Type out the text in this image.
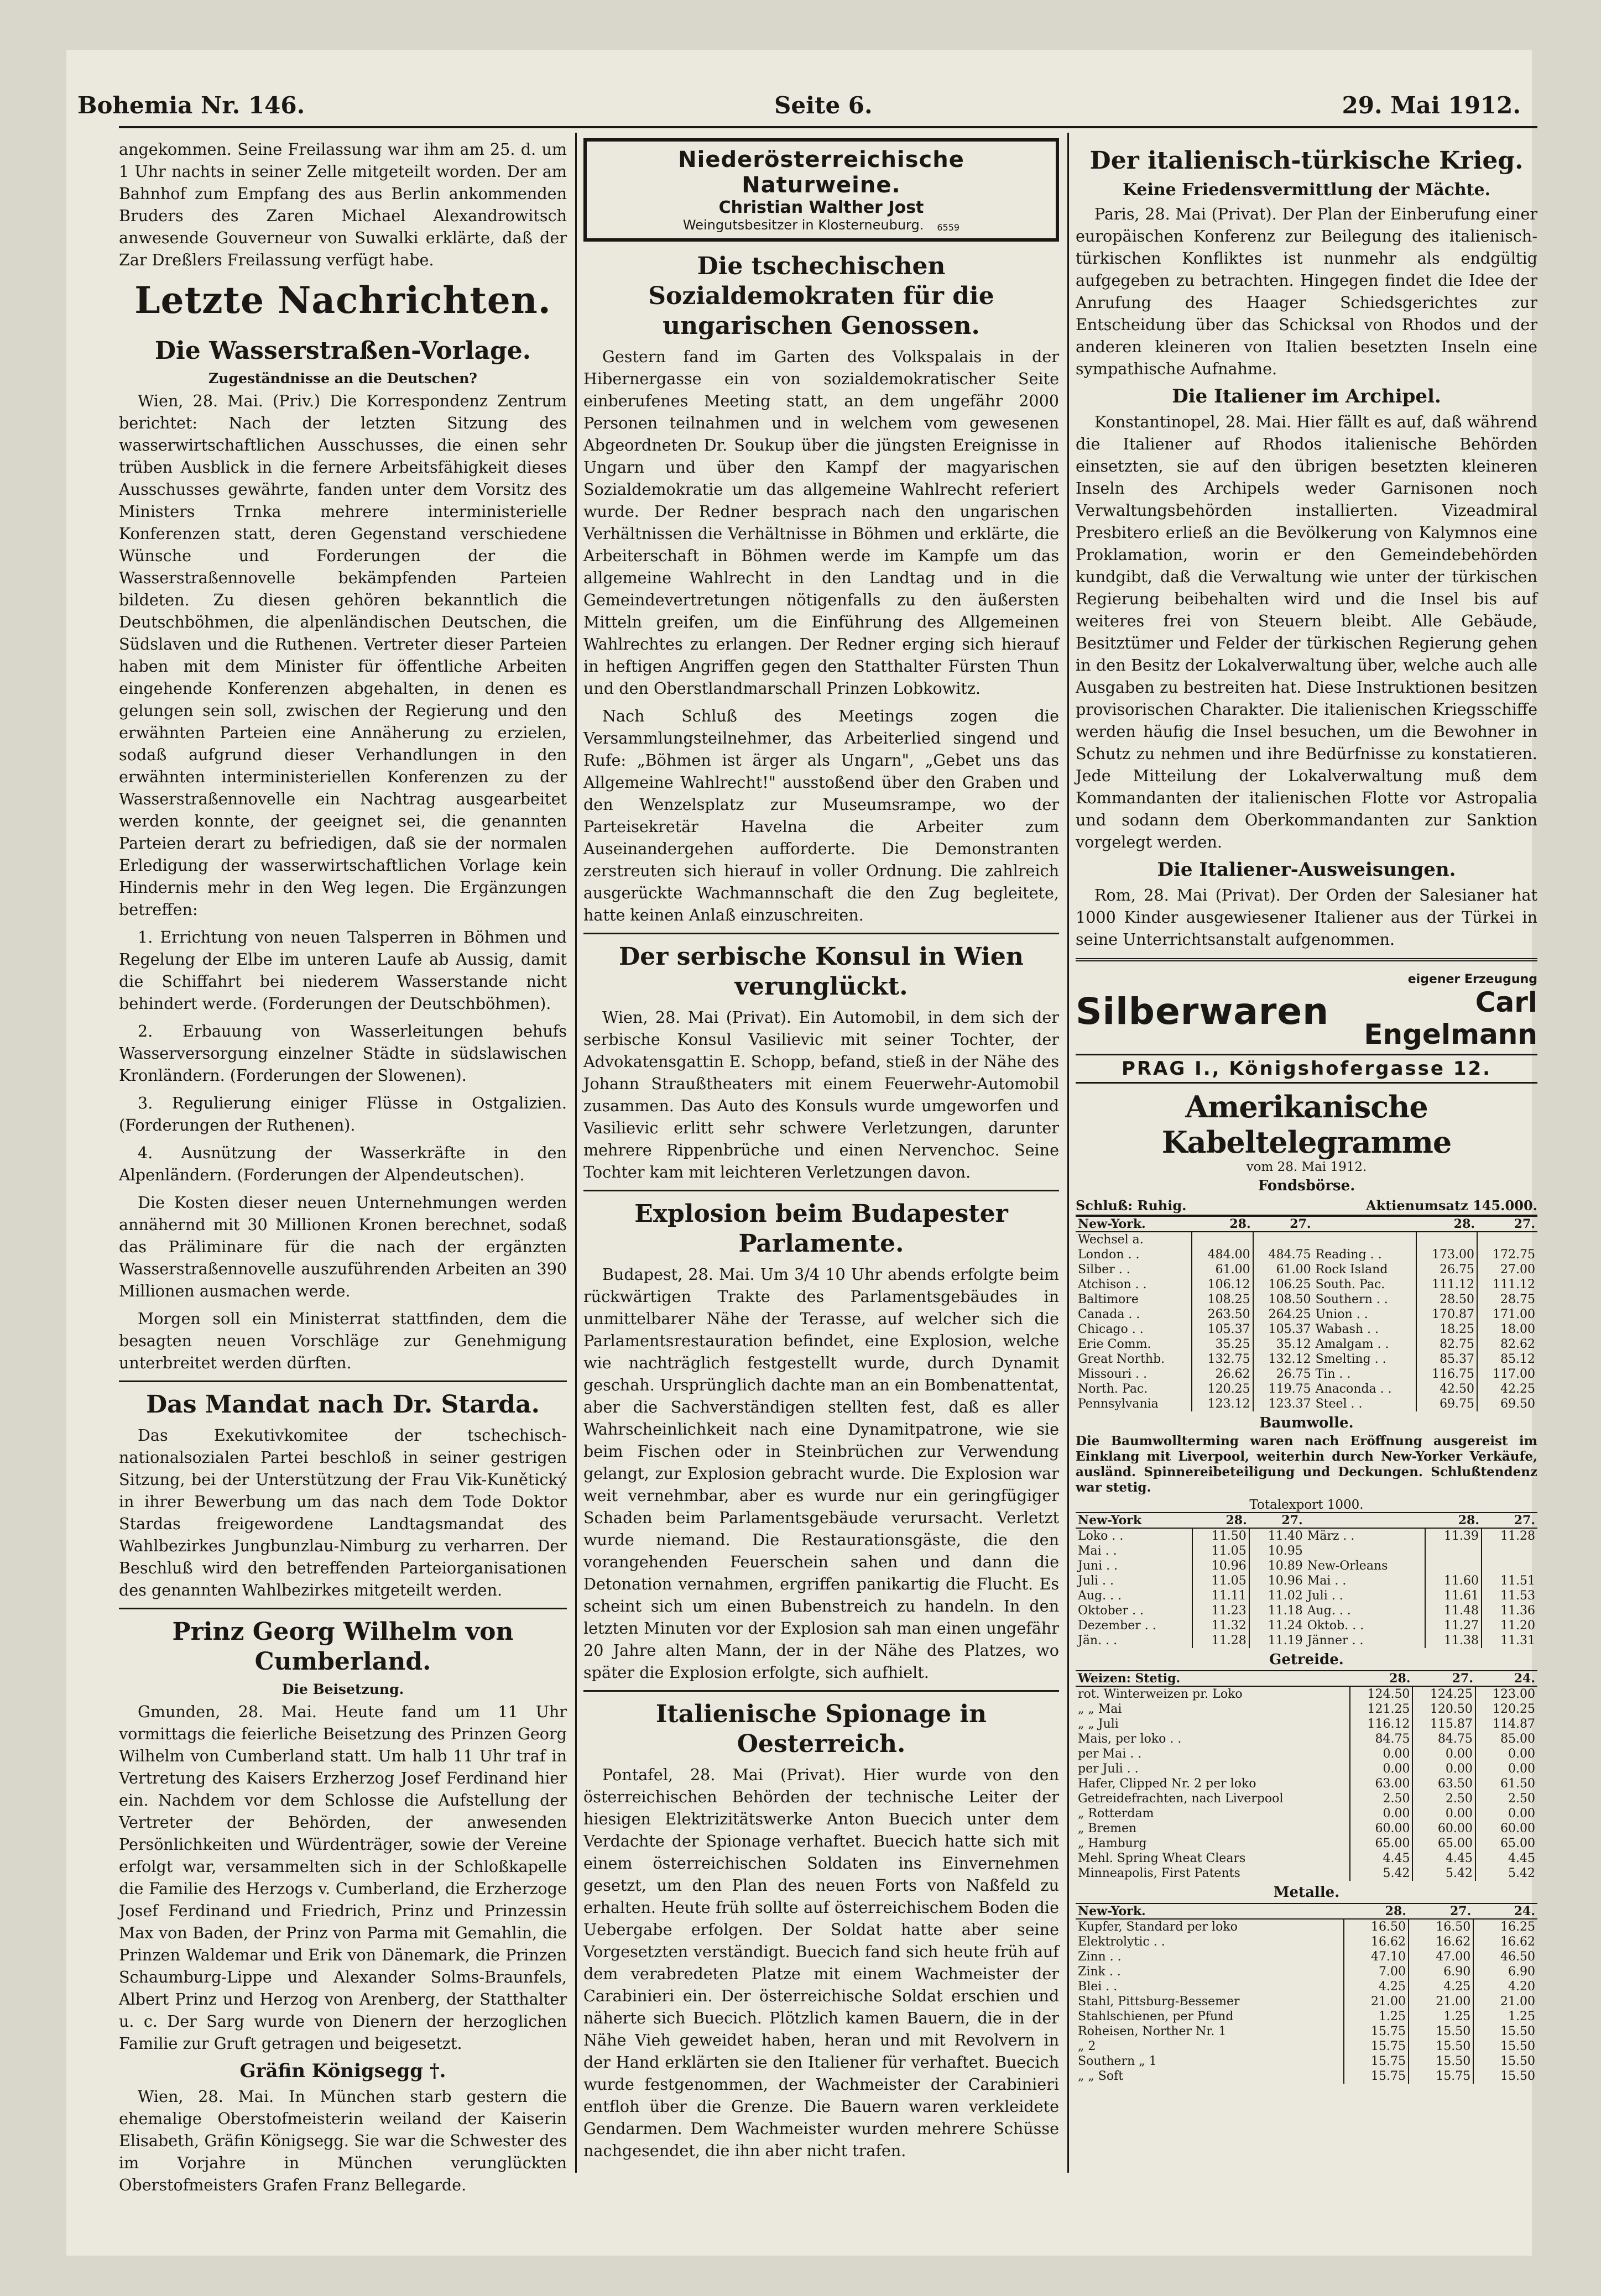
Bohemia Nr. 146.	Seite 6.	29. Mai 1912.

angekommen. Seine Freilassung war ihm am 25. d. um 1 Uhr nachts in seiner Zelle mitgeteilt worden. Der am Bahnhof zum Empfang des aus Berlin ankommenden Bruders des Zaren Michael Alexandrowitsch anwesende Gouverneur von Suwalki erklärte, daß der Zar Dreßlers Freilassung verfügt habe.

Letzte Nachrichten.
Die Wasserstraßen-Vorlage.
Zugeständnisse an die Deutschen?

Wien, 28. Mai. (Priv.) Die Korrespondenz Zentrum berichtet: Nach der letzten Sitzung des wasserwirtschaftlichen Ausschusses, die einen sehr trüben Ausblick in die fernere Arbeitsfähigkeit dieses Ausschusses gewährte, fanden unter dem Vorsitz des Ministers Trnka mehrere interministerielle Konferenzen statt, deren Gegenstand verschiedene Wünsche und Forderungen der die Wasserstraßennovelle bekämpfenden Parteien bildeten. Zu diesen gehören bekanntlich die Deutschböhmen, die alpenländischen Deutschen, die Südslaven und die Ruthenen. Vertreter dieser Parteien haben mit dem Minister für öffentliche Arbeiten eingehende Konferenzen abgehalten, in denen es gelungen sein soll, zwischen der Regierung und den erwähnten Parteien eine Annäherung zu erzielen, sodaß aufgrund dieser Verhandlungen in den erwähnten interministeriellen Konferenzen zu der Wasserstraßennovelle ein Nachtrag ausgearbeitet werden konnte, der geeignet sei, die genannten Parteien derart zu befriedigen, daß sie der normalen Erledigung der wasserwirtschaftlichen Vorlage kein Hindernis mehr in den Weg legen. Die Ergänzungen betreffen:

1. Errichtung von neuen Talsperren in Böhmen und Regelung der Elbe im unteren Laufe ab Aussig, damit die Schiffahrt bei niederem Wasserstande nicht behindert werde. (Forderungen der Deutschböhmen).

2. Erbauung von Wasserleitungen behufs Wasserversorgung einzelner Städte in südslawischen Kronländern. (Forderungen der Slowenen).

3. Regulierung einiger Flüsse in Ostgalizien. (Forderungen der Ruthenen).

4. Ausnützung der Wasserkräfte in den Alpenländern. (Forderungen der Alpendeutschen).

Die Kosten dieser neuen Unternehmungen werden annähernd mit 30 Millionen Kronen berechnet, sodaß das Präliminare für die nach der ergänzten Wasserstraßennovelle auszuführenden Arbeiten an 390 Millionen ausmachen werde.

Morgen soll ein Ministerrat stattfinden, dem die besagten neuen Vorschläge zur Genehmigung unterbreitet werden dürften.

Das Mandat nach Dr. Starda.

Das Exekutivkomitee der tschechisch-nationalsozialen Partei beschloß in seiner gestrigen Sitzung, bei der Unterstützung der Frau Vik-Kunětický in ihrer Bewerbung um das nach dem Tode Doktor Stardas freigewordene Landtagsmandat des Wahlbezirkes Jungbunzlau-Nimburg zu verharren. Der Beschluß wird den betreffenden Parteiorganisationen des genannten Wahlbezirkes mitgeteilt werden.

Prinz Georg Wilhelm von Cumberland.
Die Beisetzung.

Gmunden, 28. Mai. Heute fand um 11 Uhr vormittags die feierliche Beisetzung des Prinzen Georg Wilhelm von Cumberland statt. Um halb 11 Uhr traf in Vertretung des Kaisers Erzherzog Josef Ferdinand hier ein. Nachdem vor dem Schlosse die Aufstellung der Vertreter der Behörden, der anwesenden Persönlichkeiten und Würdenträger, sowie der Vereine erfolgt war, versammelten sich in der Schloßkapelle die Familie des Herzogs v. Cumberland, die Erzherzoge Josef Ferdinand und Friedrich, Prinz und Prinzessin Max von Baden, der Prinz von Parma mit Gemahlin, die Prinzen Waldemar und Erik von Dänemark, die Prinzen Schaumburg-Lippe und Alexander Solms-Braunfels, Albert Prinz und Herzog von Arenberg, der Statthalter u. c. Der Sarg wurde von Dienern der herzoglichen Familie zur Gruft getragen und beigesetzt.

Gräfin Königsegg †.

Wien, 28. Mai. In München starb gestern die ehemalige Oberstofmeisterin weiland der Kaiserin Elisabeth, Gräfin Königsegg. Sie war die Schwester des im Vorjahre in München verunglückten Oberstofmeisters Grafen Franz Bellegarde.

Niederösterreichische Naturweine.
Christian Walther Jost
Weingutsbesitzer in Klosterneuburg. 6559
Die tschechischen Sozialdemokraten für die ungarischen Genossen.

Gestern fand im Garten des Volkspalais in der Hibernergasse ein von sozialdemokratischer Seite einberufenes Meeting statt, an dem ungefähr 2000 Personen teilnahmen und in welchem vom gewesenen Abgeordneten Dr. Soukup über die jüngsten Ereignisse in Ungarn und über den Kampf der magyarischen Sozialdemokratie um das allgemeine Wahlrecht referiert wurde. Der Redner besprach nach den ungarischen Verhältnissen die Verhältnisse in Böhmen und erklärte, die Arbeiterschaft in Böhmen werde im Kampfe um das allgemeine Wahlrecht in den Landtag und in die Gemeindevertretungen nötigenfalls zu den äußersten Mitteln greifen, um die Einführung des Allgemeinen Wahlrechtes zu erlangen. Der Redner erging sich hierauf in heftigen Angriffen gegen den Statthalter Fürsten Thun und den Oberstlandmarschall Prinzen Lobkowitz.

Nach Schluß des Meetings zogen die Versammlungsteilnehmer, das Arbeiterlied singend und Rufe: „Böhmen ist ärger als Ungarn", „Gebet uns das Allgemeine Wahlrecht!" ausstoßend über den Graben und den Wenzelsplatz zur Museumsrampe, wo der Parteisekretär Havelna die Arbeiter zum Auseinandergehen aufforderte. Die Demonstranten zerstreuten sich hierauf in voller Ordnung. Die zahlreich ausgerückte Wachmannschaft die den Zug begleitete, hatte keinen Anlaß einzuschreiten.

Der serbische Konsul in Wien verunglückt.

Wien, 28. Mai (Privat). Ein Automobil, in dem sich der serbische Konsul Vasilievic mit seiner Tochter, der Advokatensgattin E. Schopp, befand, stieß in der Nähe des Johann Straußtheaters mit einem Feuerwehr-Automobil zusammen. Das Auto des Konsuls wurde umgeworfen und Vasilievic erlitt sehr schwere Verletzungen, darunter mehrere Rippenbrüche und einen Nervenchoc. Seine Tochter kam mit leichteren Verletzungen davon.

Explosion beim Budapester Parlamente.

Budapest, 28. Mai. Um 3/4 10 Uhr abends erfolgte beim rückwärtigen Trakte des Parlamentsgebäudes in unmittelbarer Nähe der Terasse, auf welcher sich die Parlamentsrestauration befindet, eine Explosion, welche wie nachträglich festgestellt wurde, durch Dynamit geschah. Ursprünglich dachte man an ein Bombenattentat, aber die Sachverständigen stellten fest, daß es aller Wahrscheinlichkeit nach eine Dynamitpatrone, wie sie beim Fischen oder in Steinbrüchen zur Verwendung gelangt, zur Explosion gebracht wurde. Die Explosion war weit vernehmbar, aber es wurde nur ein geringfügiger Schaden beim Parlamentsgebäude verursacht. Verletzt wurde niemand. Die Restaurationsgäste, die den vorangehenden Feuerschein sahen und dann die Detonation vernahmen, ergriffen panikartig die Flucht. Es scheint sich um einen Bubenstreich zu handeln. In den letzten Minuten vor der Explosion sah man einen ungefähr 20 Jahre alten Mann, der in der Nähe des Platzes, wo später die Explosion erfolgte, sich aufhielt.

Italienische Spionage in Oesterreich.

Pontafel, 28. Mai (Privat). Hier wurde von den österreichischen Behörden der technische Leiter der hiesigen Elektrizitätswerke Anton Buecich unter dem Verdachte der Spionage verhaftet. Buecich hatte sich mit einem österreichischen Soldaten ins Einvernehmen gesetzt, um den Plan des neuen Forts von Naßfeld zu erhalten. Heute früh sollte auf österreichischem Boden die Uebergabe erfolgen. Der Soldat hatte aber seine Vorgesetzten verständigt. Buecich fand sich heute früh auf dem verabredeten Platze mit einem Wachmeister der Carabinieri ein. Der österreichische Soldat erschien und näherte sich Buecich. Plötzlich kamen Bauern, die in der Nähe Vieh geweidet haben, heran und mit Revolvern in der Hand erklärten sie den Italiener für verhaftet. Buecich wurde festgenommen, der Wachmeister der Carabinieri entfloh über die Grenze. Die Bauern waren verkleidete Gendarmen. Dem Wachmeister wurden mehrere Schüsse nachgesendet, die ihn aber nicht trafen.

Der italienisch-türkische Krieg.
Keine Friedensvermittlung der Mächte.

Paris, 28. Mai (Privat). Der Plan der Einberufung einer europäischen Konferenz zur Beilegung des italienisch-türkischen Konfliktes ist nunmehr als endgültig aufgegeben zu betrachten. Hingegen findet die Idee der Anrufung des Haager Schiedsgerichtes zur Entscheidung über das Schicksal von Rhodos und der anderen kleineren von Italien besetzten Inseln eine sympathische Aufnahme.

Die Italiener im Archipel.

Konstantinopel, 28. Mai. Hier fällt es auf, daß während die Italiener auf Rhodos italienische Behörden einsetzten, sie auf den übrigen besetzten kleineren Inseln des Archipels weder Garnisonen noch Verwaltungsbehörden installierten. Vizeadmiral Presbitero erließ an die Bevölkerung von Kalymnos eine Proklamation, worin er den Gemeindebehörden kundgibt, daß die Verwaltung wie unter der türkischen Regierung beibehalten wird und die Insel bis auf weiteres frei von Steuern bleibt. Alle Gebäude, Besitztümer und Felder der türkischen Regierung gehen in den Besitz der Lokalverwaltung über, welche auch alle Ausgaben zu bestreiten hat. Diese Instruktionen besitzen provisorischen Charakter. Die italienischen Kriegsschiffe werden häufig die Insel besuchen, um die Bewohner in Schutz zu nehmen und ihre Bedürfnisse zu konstatieren. Jede Mitteilung der Lokalverwaltung muß dem Kommandanten der italienischen Flotte vor Astropalia und sodann dem Oberkommandanten zur Sanktion vorgelegt werden.

Die Italiener-Ausweisungen.

Rom, 28. Mai (Privat). Der Orden der Salesianer hat 1000 Kinder ausgewiesener Italiener aus der Türkei in seine Unterrichtsanstalt aufgenommen.

Silberwaren
eigener Erzeugung
Carl Engelmann
PRAG I., Königshofergasse 12.
Amerikanische Kabeltelegramme
vom 28. Mai 1912.
Fondsbörse.
Schluß: Ruhig.	Aktienumsatz 145.000.
New-York.	28.	27.		28.	27.
Wechsel a.					
London . .	484.00	484.75	Reading . .	173.00	172.75
Silber . .	61.00	61.00	Rock Island	26.75	27.00
Atchison . .	106.12	106.25	South. Pac.	111.12	111.12
Baltimore	108.25	108.50	Southern . .	28.50	28.75
Canada . .	263.50	264.25	Union . .	170.87	171.00
Chicago . .	105.37	105.37	Wabash . .	18.25	18.00
Erie Comm.	35.25	35.12	Amalgam . .	82.75	82.62
Great Northb.	132.75	132.12	Smelting . .	85.37	85.12
Missouri . .	26.62	26.75	Tin . .	116.75	117.00
North. Pac.	120.25	119.75	Anaconda . .	42.50	42.25
Pennsylvania	123.12	123.37	Steel . .	69.75	69.50
Baumwolle.
Die Baumwollterming waren nach Eröffnung ausgereist im Einklang mit Liverpool, weiterhin durch New-Yorker Verkäufe, ausländ. Spinnereibeteiligung und Deckungen. Schlußtendenz war stetig.
Totalexport 1000.
New-York	28.	27.		28.	27.
Loko . .	11.50	11.40	März . .	11.39	11.28
Mai . .	11.05	10.95			
Juni . .	10.96	10.89	New-Orleans		
Juli . .	11.05	10.96	Mai . .	11.60	11.51
Aug. . .	11.11	11.02	Juli . .	11.61	11.53
Oktober . .	11.23	11.18	Aug. . .	11.48	11.36
Dezember . .	11.32	11.24	Oktob. . .	11.27	11.20
Jän. . .	11.28	11.19	Jänner . .	11.38	11.31
Getreide.
Weizen: Stetig.	28.	27.	24.
rot. Winterweizen pr. Loko	124.50	124.25	123.00
„ „ Mai	121.25	120.50	120.25
„ „ Juli	116.12	115.87	114.87
Mais, per loko . .	84.75	84.75	85.00
per Mai . .	0.00	0.00	0.00
per Juli . .	0.00	0.00	0.00
Hafer, Clipped Nr. 2 per loko	63.00	63.50	61.50
Getreidefrachten, nach Liverpool	2.50	2.50	2.50
„ Rotterdam	0.00	0.00	0.00
„ Bremen	60.00	60.00	60.00
„ Hamburg	65.00	65.00	65.00
Mehl. Spring Wheat Clears	4.45	4.45	4.45
Minneapolis, First Patents	5.42	5.42	5.42
Metalle.
New-York.	28.	27.	24.
Kupfer, Standard per loko	16.50	16.50	16.25
Elektrolytic . .	16.62	16.62	16.62
Zinn . .	47.10	47.00	46.50
Zink . .	7.00	6.90	6.90
Blei . .	4.25	4.25	4.20
Stahl, Pittsburg-Bessemer	21.00	21.00	21.00
Stahlschienen, per Pfund	1.25	1.25	1.25
Roheisen, Norther Nr. 1	15.75	15.50	15.50
„ 2	15.75	15.50	15.50
Southern „ 1	15.75	15.50	15.50
„ „ Soft	15.75	15.75	15.50
